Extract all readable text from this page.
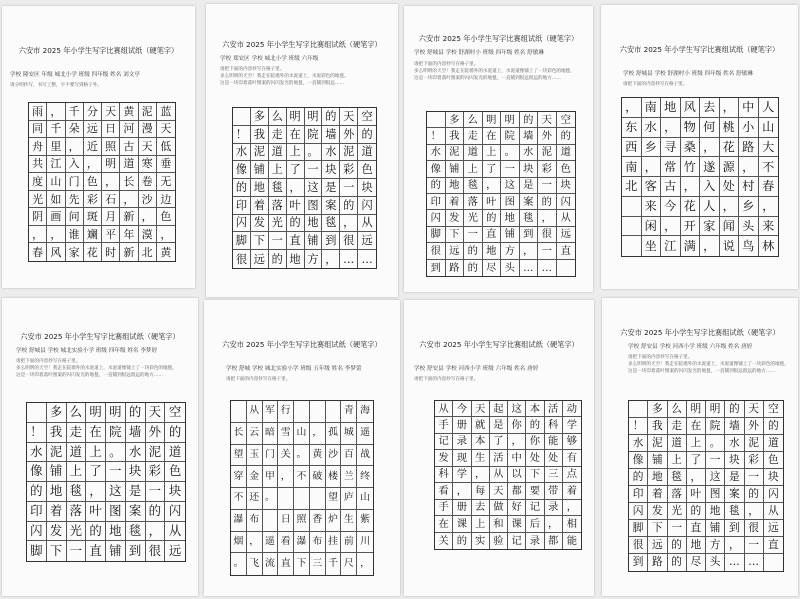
六安市 2025 年小学生写字比赛组试纸（硬笔字）
学校 隆安区 年级 城北小学 班级 四年级 姓名 刘文亭
请分明抄写，书写工整，字不要写到格子外。
雨 ， 千 分 天 黄 泥 蓝
同 千 朵 远 日 河 漫 天
舟 里 ， 近 照 古 天 低
共 江 入 ， 明 道 寒 垂
度 山 门 色 ， 长 卷 无
光 如 先 彩 石 ， 沙 边
阴 画 问 斑 月 新 ， 色
， ， 谁 斓 平 年 漠 ，
春 风 家 花 时 新 北 黄
六安市 2025 年小学生写字比赛组试纸（硬笔字）
学校 郑安区 学校 城北小学 班级 六年级
请把下面的内容抄写在格子里。
多么明明的天空！我走在院墙外的水泥道上，水泥彩色的地毯。
这是一块印着落叶图案的闪闪发光的地毯，一直铺到很远……
多 么 明 明 的 天 空
！ 我 走 在 院 墙 外 的
水 泥 道 上 。 水 泥 道
像 铺 上 了 一 块 彩 色
的 地 毯 ， 这 是 一 块
印 着 落 叶 图 案 的 闪
闪 发 光 的 地 毯 ， 从
脚 下 一 直 铺 到 很 远
很 远 的 地 方 ， … …
六安市 2025 年小学生写字比赛组试纸（硬笔字）
学校 舒城县 学校 舒湖村小 班级 四年级 姓名 舒敏琳
请把下面的内容抄写在格子里。
多么明明的天空！我走在院墙外的水泥道上，水泥道像铺上了一块彩色的地毯，
这是一块印着落叶图案的闪闪发光的地毯，一直铺到很远很远的地方……
多 么 明 明 的 天 空
！ 我 走 在 院 墙 外 的
水 泥 道 上 。 水 泥 道
像 铺 上 了 一 块 彩 色
的 地 毯 ， 这 是 一 块
印 着 落 叶 图 案 的 闪
闪 发 光 的 地 毯 ， 从
脚 下 一 直 铺 到 很 远
很 远 的 地 方 ， 一 直
到 路 的 尽 头 … …
六安市 2025 年小学生写字比赛组试纸（硬笔字）
学校 舒城县 学校 舒湖村小 班级 四年级 姓名 舒敏琳
请把下面的内容抄写在格子里。
， 南 地 风 去 ， 中 人
东 水 ， 物 何 桃 小 山
西 乡 寻 桑 ， 花 路 大
南 ， 常 竹 遂 源 ， 不
北 客 古 ， 入 处 村 春
来 今 花 人 ， 乡 ，
闲 ， 开 家 闻 头 来
坐 江 满 ， 说 鸟 林
六安市 2025 年小学生写字比赛组试纸（硬笔字）
学校 舒城县 学校 城北实验小学 班级 四年级 姓名 李梦婷
请把下面的内容抄写在格子里。
多么明明的天空！我走在院墙外的水泥道上，水泥道像铺上了一块彩色的地毯，
这是一块印着落叶图案的闪闪发光的地毯，一直铺到很远很远的地方……
多 么 明 明 的 天 空
！ 我 走 在 院 墙 外 的
水 泥 道 上 。 水 泥 道
像 铺 上 了 一 块 彩 色
的 地 毯 ， 这 是 一 块
印 着 落 叶 图 案 的 闪
闪 发 光 的 地 毯 ， 从
脚 下 一 直 铺 到 很 远
六安市 2025 年小学生写字比赛组试纸（硬笔字）
学校 舒城 学校 城北实验小学 班级 五年级 姓名 李梦蕾
请把下面的内容抄写在格子里。
从 军 行	青 海
长 云 暗 雪 山 ， 孤 城 遥
望 玉 门 关 。 黄 沙 百 战
穿 金 甲 ， 不 破 楼 兰 终
不 还 。	望 庐 山
瀑 布 日 照 香 炉 生 紫
烟 ， 遥 看 瀑 布 挂 前 川
。 飞 流 直 下 三 千 尺 ，
六安市 2025 年小学生写字比赛组试纸（硬笔字）
学校 舒安县 学校 河西小学 班级 六年级 姓名 唐婷
请把下面的内容抄写在格子里。
从 今 天 起 这 本 活 动
手 册 就 是 你 的 科 学
记 录 本 了 ， 你 能 够
发 现 生 活 中 处 处 有
科 学 ， 从 以 下 三 点
看 ， 每 天 都 要 带 着
手 册 去 做 好 记 录 ，
在 课 上 和 课 后 ， 相
关 的 实 验 记 录 都 能
六安市 2025 年小学生写字比赛组试纸（硬笔字）
学校 舒安县 学校 河西小学 班级 六年级 姓名 唐婷
请把下面的内容抄写在格子里。
多么明明的天空！我走在院墙外的水泥道上，水泥道像铺上了一块彩色的地毯，
这是一块印着落叶图案的闪闪发光的地毯，一直铺到很远很远的地方……
多 么 明 明 的 天 空
！ 我 走 在 院 墙 外 的
水 泥 道 上 。 水 泥 道
像 铺 上 了 一 块 彩 色
的 地 毯 ， 这 是 一 块
印 着 落 叶 图 案 的 闪
闪 发 光 的 地 毯 ， 从
脚 下 一 直 铺 到 很 远
很 远 的 地 方 ， 一 直
到 路 的 尽 头 … …
